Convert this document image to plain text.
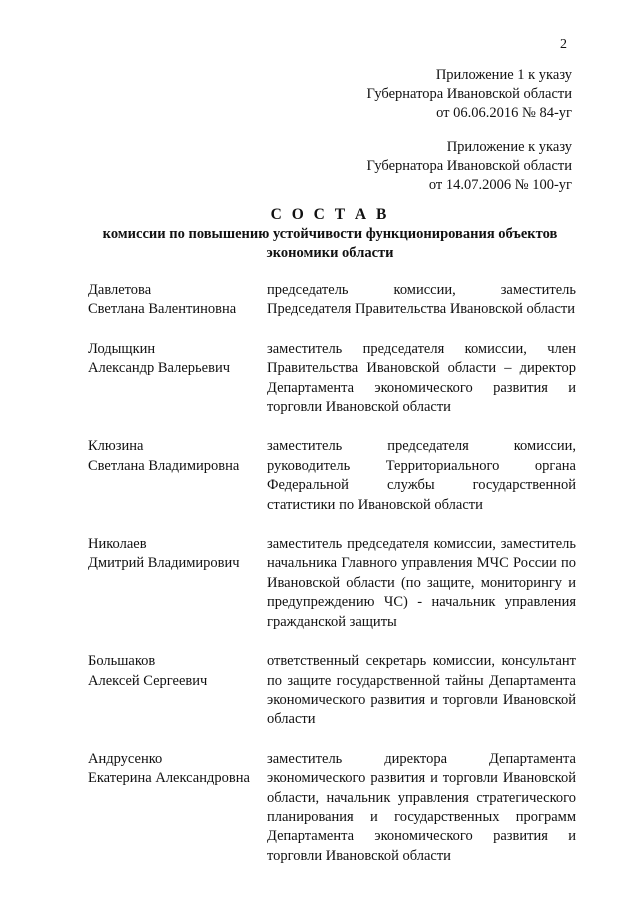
2
Приложение 1 к указу
Губернатора Ивановской области
от 06.06.2016 № 84-уг
Приложение к указу
Губернатора Ивановской области
от 14.07.2006 № 100-уг
С О С Т А В
комиссии по повышению устойчивости функционирования объектов
экономики области
Давлетова
Светлана Валентиновна
председатель комиссии, заместитель Председателя Правительства Ивановской области
Лодыщкин
Александр Валерьевич
заместитель председателя комиссии, член Правительства Ивановской области – директор Департамента экономического развития и торговли Ивановской области
Клюзина
Светлана Владимировна
заместитель председателя комиссии, руководитель Территориального органа Федеральной службы государственной статистики по Ивановской области
Николаев
Дмитрий Владимирович
заместитель председателя комиссии, заместитель начальника Главного управления МЧС России по Ивановской области (по защите, мониторингу и предупреждению ЧС) - начальник управления гражданской защиты
Большаков
Алексей Сергеевич
ответственный секретарь комиссии, консультант по защите государственной тайны Департамента экономического развития и торговли Ивановской области
Андрусенко
Екатерина Александровна
заместитель директора Департамента экономического развития и торговли Ивановской области, начальник управления стратегического планирования и государственных программ Департамента экономического развития и торговли Ивановской области
